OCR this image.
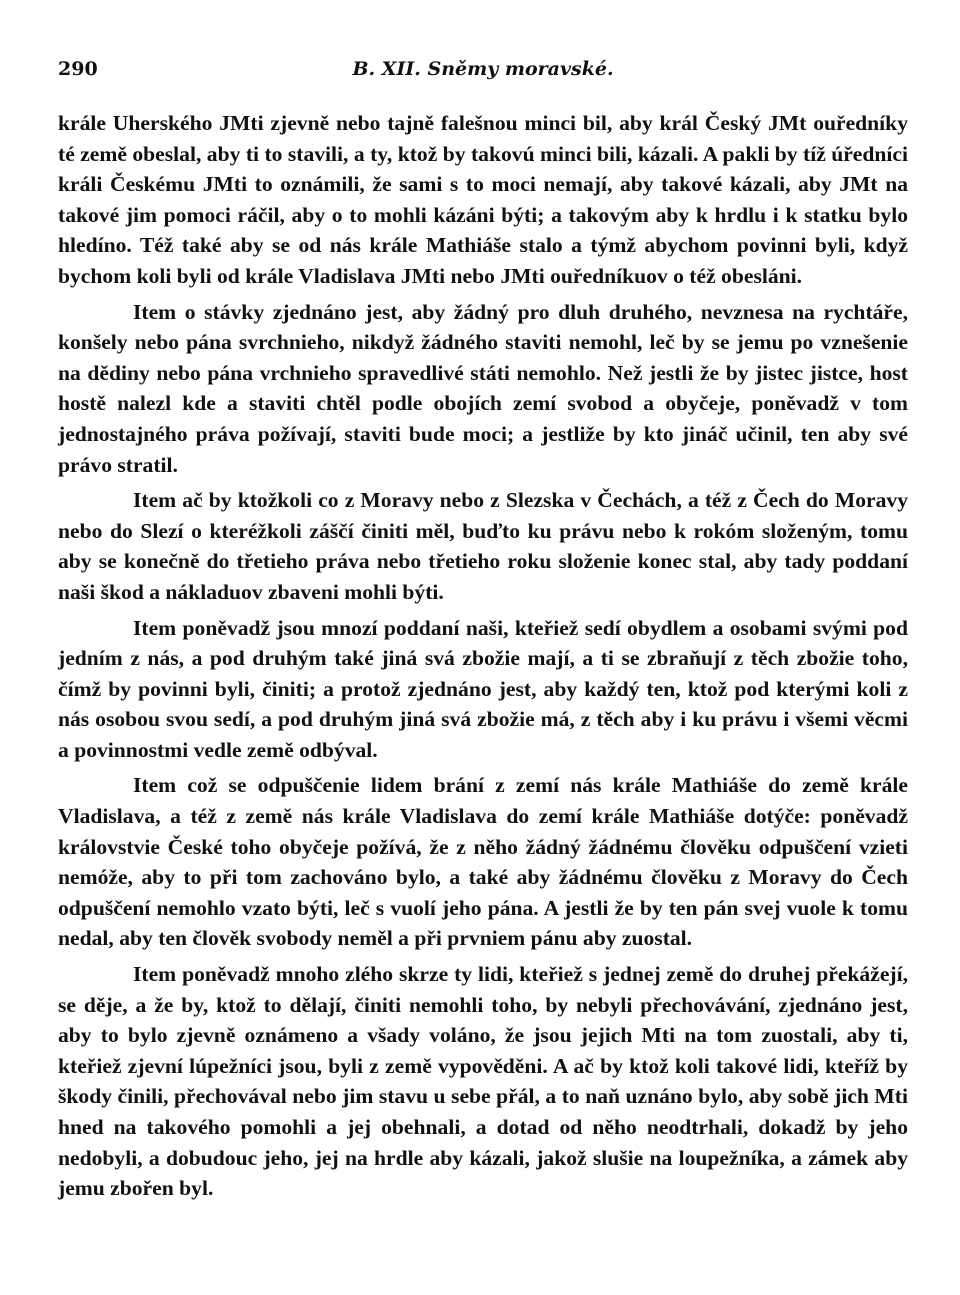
290	B. XII. Sněmy moravské.

krále Uherského JMti zjevně nebo tajně falešnou minci bil, aby král Český JMt ouředníky té země obeslal, aby ti to stavili, a ty, ktož by takovú minci bili, kázali. A pakli by tíž úředníci králi Českému JMti to oznámili, že sami s to moci nemají, aby takové kázali, aby JMt na takové jim pomoci ráčil, aby o to mohli kázáni býti; a takovým aby k hrdlu i k statku bylo hledíno. Též také aby se od nás krále Mathiáše stalo a týmž abychom povinni byli, když bychom koli byli od krále Vladislava JMti nebo JMti ouředníkuov o též obesláni.

Item o stávky zjednáno jest, aby žádný pro dluh druhého, nevznesa na rychtáře, konšely nebo pána svrchnieho, nikdyž žádného staviti nemohl, leč by se jemu po vznešenie na dědiny nebo pána vrchnieho spravedlivé státi nemohlo. Než jestli že by jistec jistce, host hostě nalezl kde a staviti chtěl podle obojích zemí svobod a obyčeje, poněvadž v tom jednostajného práva požívají, staviti bude moci; a jestliže by kto jináč učinil, ten aby své právo stratil.

Item ač by ktožkoli co z Moravy nebo z Slezska v Čechách, a též z Čech do Moravy nebo do Slezí o kteréžkoli záščí činiti měl, buďto ku právu nebo k rokóm složeným, tomu aby se konečně do třetieho práva nebo třetieho roku složenie konec stal, aby tady poddaní naši škod a nákladuov zbaveni mohli býti.

Item poněvadž jsou mnozí poddaní naši, kteřiež sedí obydlem a osobami svými pod jedním z nás, a pod druhým také jiná svá zbožie mají, a ti se zbraňují z těch zbožie toho, čímž by povinni byli, činiti; a protož zjednáno jest, aby každý ten, ktož pod kterými koli z nás osobou svou sedí, a pod druhým jiná svá zbožie má, z těch aby i ku právu i všemi věcmi a povinnostmi vedle země odbýval.

Item což se odpuščenie lidem brání z zemí nás krále Mathiáše do země krále Vladislava, a též z země nás krále Vladislava do zemí krále Mathiáše dotýče: poněvadž královstvie České toho obyčeje požívá, že z něho žádný žádnému člověku odpuščení vzieti nemóže, aby to při tom zachováno bylo, a také aby žádnému člověku z Moravy do Čech odpuščení nemohlo vzato býti, leč s vuolí jeho pána. A jestli že by ten pán svej vuole k tomu nedal, aby ten člověk svobody neměl a při prvniem pánu aby zuostal.

Item poněvadž mnoho zlého skrze ty lidi, kteřiež s jednej země do druhej překážejí, se děje, a že by, ktož to dělají, činiti nemohli toho, by nebyli přechovávání, zjednáno jest, aby to bylo zjevně oznámeno a všady voláno, že jsou jejich Mti na tom zuostali, aby ti, kteřiež zjevní lúpežníci jsou, byli z země vypověděni. A ač by ktož koli takové lidi, kteříž by škody činili, přechovával nebo jim stavu u sebe přál, a to naň uznáno bylo, aby sobě jich Mti hned na takového pomohli a jej obehnali, a dotad od něho neodtrhali, dokadž by jeho nedobyli, a dobudouc jeho, jej na hrdle aby kázali, jakož slušie na loupežníka, a zámek aby jemu zbořen byl.
